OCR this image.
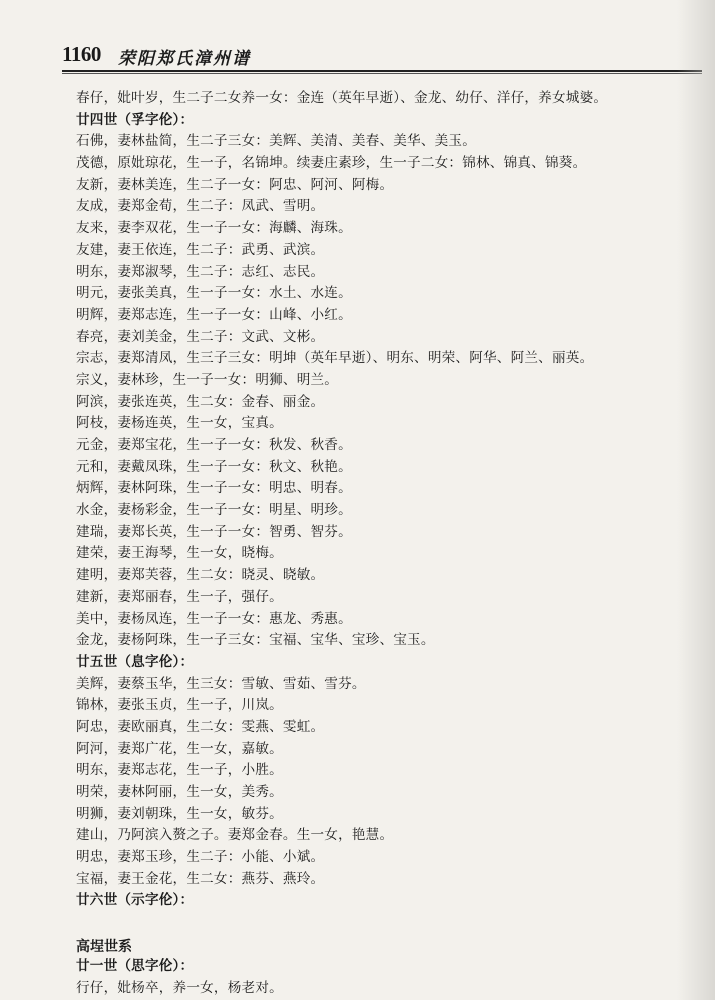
1160 荣阳郑氏漳州谱
春仔，妣叶岁，生二子二女养一女：金连（英年早逝）、金龙、幼仔、洋仔，养女城婆。
廿四世（孚字伦）：
石佛，妻林盐简，生二子三女：美辉、美清、美春、美华、美玉。
茂德，原妣琼花，生一子，名锦坤。续妻庄素珍，生一子二女：锦林、锦真、锦葵。
友新，妻林美连，生二子一女：阿忠、阿河、阿梅。
友成，妻郑金荀，生二子：凤武、雪明。
友来，妻李双花，生一子一女：海麟、海珠。
友建，妻王依连，生二子：武勇、武滨。
明东，妻郑淑琴，生二子：志红、志民。
明元，妻张美真，生一子一女：水土、水连。
明辉，妻郑志连，生一子一女：山峰、小红。
春亮，妻刘美金，生二子：文武、文彬。
宗志，妻郑清凤，生三子三女：明坤（英年早逝）、明东、明荣、阿华、阿兰、丽英。
宗义，妻林珍，生一子一女：明狮、明兰。
阿滨，妻张连英，生二女：金春、丽金。
阿枝，妻杨连英，生一女，宝真。
元金，妻郑宝花，生一子一女：秋发、秋香。
元和，妻戴凤珠，生一子一女：秋文、秋艳。
炳辉，妻林阿珠，生一子一女：明忠、明春。
水金，妻杨彩金，生一子一女：明星、明珍。
建瑞，妻郑长英，生一子一女：智勇、智芬。
建荣，妻王海琴，生一女，晓梅。
建明，妻郑芙蓉，生二女：晓灵、晓敏。
建新，妻郑丽春，生一子，强仔。
美中，妻杨凤连，生一子一女：惠龙、秀惠。
金龙，妻杨阿珠，生一子三女：宝福、宝华、宝珍、宝玉。
廿五世（息字伦）：
美辉，妻蔡玉华，生三女：雪敏、雪茹、雪芬。
锦林，妻张玉贞，生一子，川岚。
阿忠，妻欧丽真，生二女：雯燕、雯虹。
阿河，妻郑广花，生一女，嘉敏。
明东，妻郑志花，生一子，小胜。
明荣，妻林阿丽，生一女，美秀。
明狮，妻刘朝珠，生一女，敏芬。
建山，乃阿滨入赘之子。妻郑金春。生一女，艳慧。
明忠，妻郑玉珍，生二子：小能、小斌。
宝福，妻王金花，生二女：燕芬、燕玲。
廿六世（示字伦）：
高埕世系
廿一世（思字伦）：
行仔，妣杨卒，养一女，杨老对。
